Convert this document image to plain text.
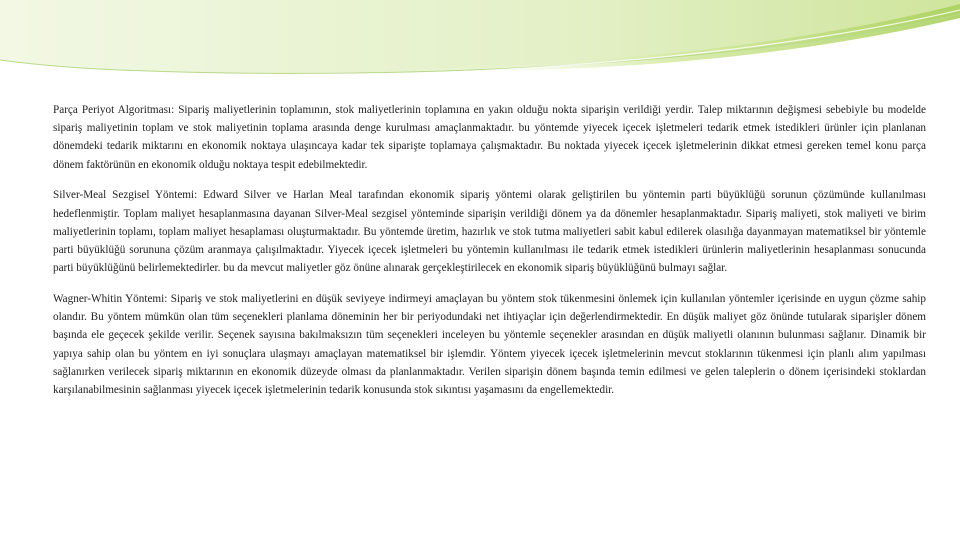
Parça Periyot Algoritması: Sipariş maliyetlerinin toplamının, stok maliyetlerinin toplamına en yakın olduğu nokta siparişin verildiği yerdir. Talep miktarının değişmesi sebebiyle bu modelde sipariş maliyetinin toplam ve stok maliyetinin toplama arasında denge kurulması amaçlanmaktadır. bu yöntemde yiyecek içecek işletmeleri tedarik etmek istedikleri ürünler için planlanan dönemdeki tedarik miktarını en ekonomik noktaya ulaşıncaya kadar tek siparişte toplamaya çalışmaktadır. Bu noktada yiyecek içecek işletmelerinin dikkat etmesi gereken temel konu parça dönem faktörünün en ekonomik olduğu noktaya tespit edebilmektedir.

Silver-Meal Sezgisel Yöntemi: Edward Silver ve Harlan Meal tarafından ekonomik sipariş yöntemi olarak geliştirilen bu yöntemin parti büyüklüğü sorunun çözümünde kullanılması hedeflenmiştir. Toplam maliyet hesaplanmasına dayanan Silver-Meal sezgisel yönteminde siparişin verildiği dönem ya da dönemler hesaplanmaktadır. Sipariş maliyeti, stok maliyeti ve birim maliyetlerinin toplamı, toplam maliyet hesaplaması oluşturmaktadır. Bu yöntemde üretim, hazırlık ve stok tutma maliyetleri sabit kabul edilerek olasılığa dayanmayan matematiksel bir yöntemle parti büyüklüğü sorununa çözüm aranmaya çalışılmaktadır. Yiyecek içecek işletmeleri bu yöntemin kullanılması ile tedarik etmek istedikleri ürünlerin maliyetlerinin hesaplanması sonucunda parti büyüklüğünü belirlemektedirler. bu da mevcut maliyetler göz önüne alınarak gerçekleştirilecek en ekonomik sipariş büyüklüğünü bulmayı sağlar.

Wagner-Whitin Yöntemi: Sipariş ve stok maliyetlerini en düşük seviyeye indirmeyi amaçlayan bu yöntem stok tükenmesini önlemek için kullanılan yöntemler içerisinde en uygun çözme sahip olandır. Bu yöntem mümkün olan tüm seçenekleri planlama döneminin her bir periyodundaki net ihtiyaçlar için değerlendirmektedir. En düşük maliyet göz önünde tutularak siparişler dönem başında ele geçecek şekilde verilir. Seçenek sayısına bakılmaksızın tüm seçenekleri inceleyen bu yöntemle seçenekler arasından en düşük maliyetli olanının bulunması sağlanır. Dinamik bir yapıya sahip olan bu yöntem en iyi sonuçlara ulaşmayı amaçlayan matematiksel bir işlemdir. Yöntem yiyecek içecek işletmelerinin mevcut stoklarının tükenmesi için planlı alım yapılması sağlanırken verilecek sipariş miktarının en ekonomik düzeyde olması da planlanmaktadır. Verilen siparişin dönem başında temin edilmesi ve gelen taleplerin o dönem içerisindeki stoklardan karşılanabilmesinin sağlanması yiyecek içecek işletmelerinin tedarik konusunda stok sıkıntısı yaşamasını da engellemektedir.
